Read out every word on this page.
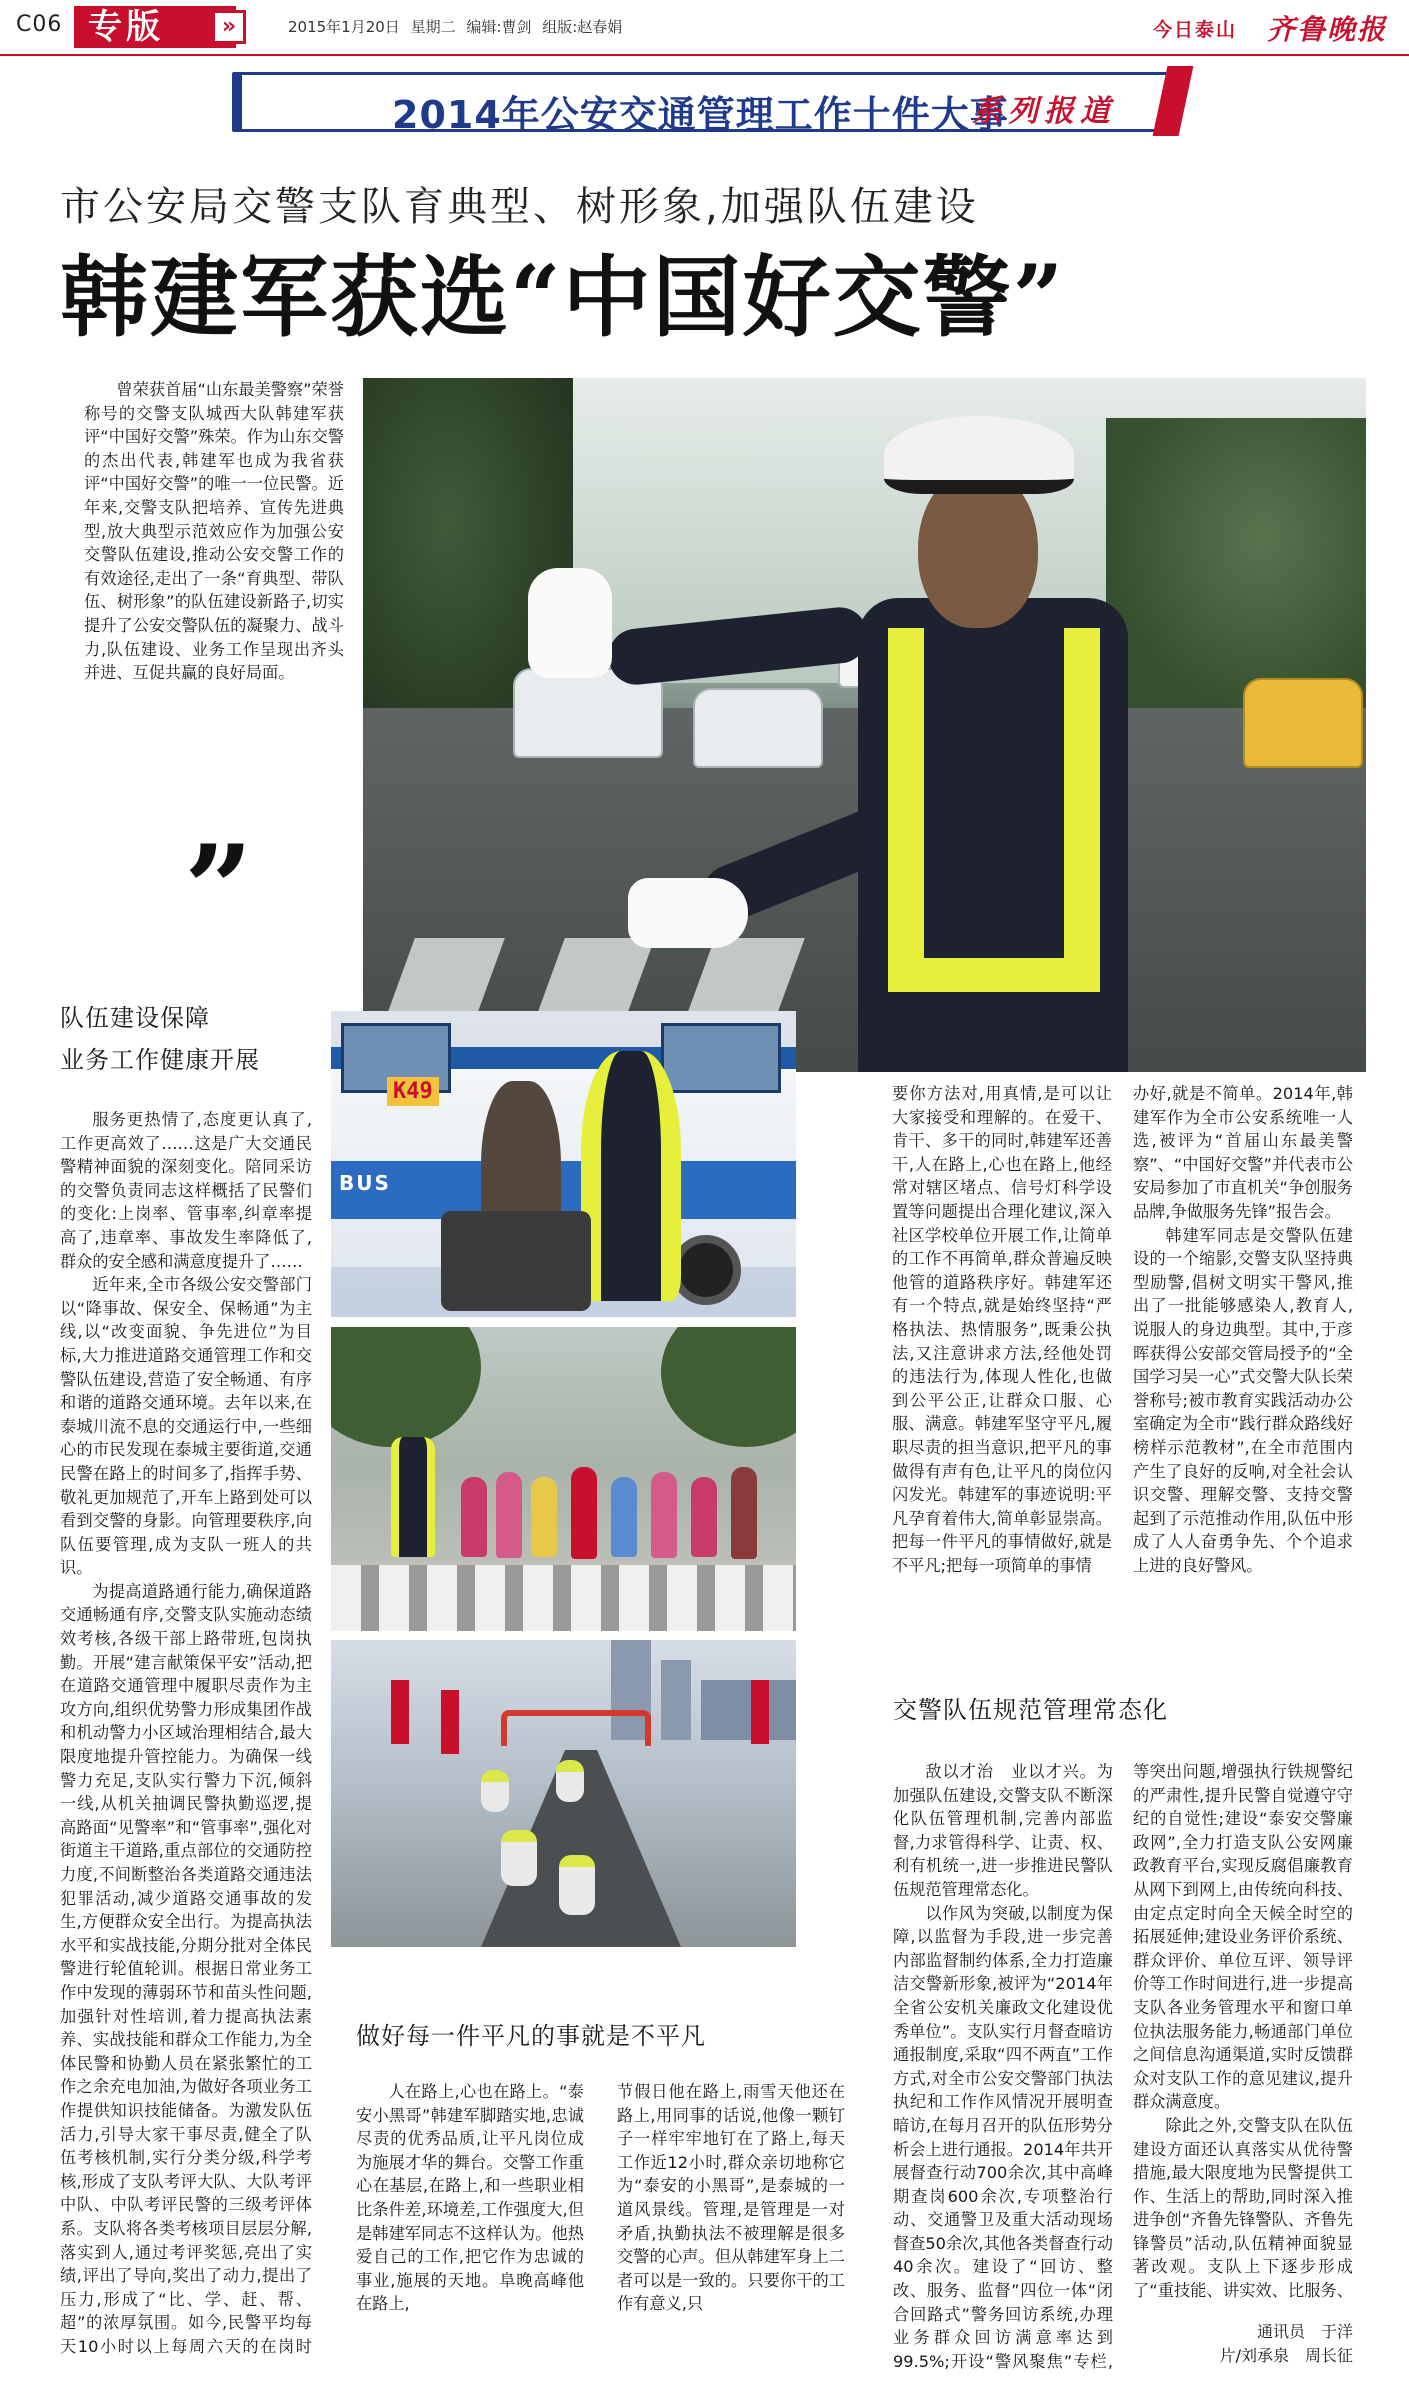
C06 专版	»	2015年1月20日 星期二 编辑:曹剑 组版:赵春娟	今日泰山 齐鲁晚报
2014年公安交通管理工作十件大事
系列报道
市公安局交警支队育典型、树形象,加强队伍建设
韩建军获选“中国好交警”

曾荣获首届“山东最美警察”荣誉称号的交警支队城西大队韩建军获评“中国好交警”殊荣。作为山东交警的杰出代表,韩建军也成为我省获评“中国好交警”的唯一一位民警。近年来,交警支队把培养、宣传先进典型,放大典型示范效应作为加强公安交警队伍建设,推动公安交警工作的有效途径,走出了一条“育典型、带队伍、树形象”的队伍建设新路子,切实提升了公安交警队伍的凝聚力、战斗力,队伍建设、业务工作呈现出齐头并进、互促共赢的良好局面。

”
队伍建设保障
业务工作健康开展

服务更热情了,态度更认真了,工作更高效了……这是广大交通民警精神面貌的深刻变化。陪同采访的交警负责同志这样概括了民警们的变化:上岗率、管事率,纠章率提高了,违章率、事故发生率降低了,群众的安全感和满意度提升了……

近年来,全市各级公安交警部门以“降事故、保安全、保畅通”为主线,以“改变面貌、争先进位”为目标,大力推进道路交通管理工作和交警队伍建设,营造了安全畅通、有序和谐的道路交通环境。去年以来,在泰城川流不息的交通运行中,一些细心的市民发现在泰城主要街道,交通民警在路上的时间多了,指挥手势、敬礼更加规范了,开车上路到处可以看到交警的身影。向管理要秩序,向队伍要管理,成为支队一班人的共识。

为提高道路通行能力,确保道路交通畅通有序,交警支队实施动态绩效考核,各级干部上路带班,包岗执勤。开展“建言献策保平安”活动,把在道路交通管理中履职尽责作为主攻方向,组织优势警力形成集团作战和机动警力小区域治理相结合,最大限度地提升管控能力。为确保一线警力充足,支队实行警力下沉,倾斜一线,从机关抽调民警执勤巡逻,提高路面“见警率”和“管事率”,强化对街道主干道路,重点部位的交通防控力度,不间断整治各类道路交通违法犯罪活动,减少道路交通事故的发生,方便群众安全出行。为提高执法水平和实战技能,分期分批对全体民警进行轮值轮训。根据日常业务工作中发现的薄弱环节和苗头性问题,加强针对性培训,着力提高执法素养、实战技能和群众工作能力,为全体民警和协勤人员在紧张繁忙的工作之余充电加油,为做好各项业务工作提供知识技能储备。为激发队伍活力,引导大家干事尽责,健全了队伍考核机制,实行分类分级,科学考核,形成了支队考评大队、大队考评中队、中队考评民警的三级考评体系。支队将各类考核项目层层分解,落实到人,通过考评奖惩,亮出了实绩,评出了导向,奖出了动力,提出了压力,形成了“比、学、赶、帮、超”的浓厚氛围。如今,民警平均每天10小时以上每周六天的在岗时

K49
BUS
做好每一件平凡的事就是不平凡

人在路上,心也在路上。“泰安小黑哥”韩建军脚踏实地,忠诚尽责的优秀品质,让平凡岗位成为施展才华的舞台。交警工作重心在基层,在路上,和一些职业相比条件差,环境差,工作强度大,但是韩建军同志不这样认为。他热爱自己的工作,把它作为忠诚的事业,施展的天地。阜晚高峰他在路上,

节假日他在路上,雨雪天他还在路上,用同事的话说,他像一颗钉子一样牢牢地钉在了路上,每天工作近12小时,群众亲切地称它为“泰安的小黑哥”,是泰城的一道风景线。管理,是管理是一对矛盾,执勤执法不被理解是很多交警的心声。但从韩建军身上二者可以是一致的。只要你干的工作有意义,只

要你方法对,用真情,是可以让大家接受和理解的。在爱干、肯干、多干的同时,韩建军还善干,人在路上,心也在路上,他经常对辖区堵点、信号灯科学设置等问题提出合理化建议,深入社区学校单位开展工作,让简单的工作不再简单,群众普遍反映他管的道路秩序好。韩建军还有一个特点,就是始终坚持“严格执法、热情服务”,既秉公执法,又注意讲求方法,经他处罚的违法行为,体现人性化,也做到公平公正,让群众口服、心服、满意。韩建军坚守平凡,履职尽责的担当意识,把平凡的事做得有声有色,让平凡的岗位闪闪发光。韩建军的事迹说明:平凡孕育着伟大,简单彰显崇高。把每一件平凡的事情做好,就是不平凡;把每一项简单的事情

办好,就是不简单。2014年,韩建军作为全市公安系统唯一人选,被评为“首届山东最美警察”、“中国好交警”并代表市公安局参加了市直机关“争创服务品牌,争做服务先锋”报告会。

韩建军同志是交警队伍建设的一个缩影,交警支队坚持典型励警,倡树文明实干警风,推出了一批能够感染人,教育人,说服人的身边典型。其中,于彦晖获得公安部交管局授予的“全国学习吴一心”式交警大队长荣誉称号;被市教育实践活动办公室确定为全市“践行群众路线好榜样示范教材”,在全市范围内产生了良好的反响,对全社会认识交警、理解交警、支持交警起到了示范推动作用,队伍中形成了人人奋勇争先、个个追求上进的良好警风。

交警队伍规范管理常态化

敌以才治　业以才兴。为加强队伍建设,交警支队不断深化队伍管理机制,完善内部监督,力求管得科学、让责、权、利有机统一,进一步推进民警队伍规范管理常态化。

以作风为突破,以制度为保障,以监督为手段,进一步完善内部监督制约体系,全力打造廉洁交警新形象,被评为“2014年全省公安机关廉政文化建设优秀单位”。支队实行月督查暗访通报制度,采取“四不两直”工作方式,对全市公安交警部门执法执纪和工作作风情况开展明查暗访,在每月召开的队伍形势分析会上进行通报。2014年共开展督查行动700余次,其中高峰期查岗600余次,专项整治行动、交通警卫及重大活动现场督查50余次,其他各类督查行动40余次。建设了“回访、整改、服务、监督”四位一体“闭合回路式”警务回访系统,办理业务群众回访满意率达到99.5%;开设“警风聚焦”专栏,

等突出问题,增强执行铁规警纪的严肃性,提升民警自觉遵守守纪的自觉性;建设“泰安交警廉政网”,全力打造支队公安网廉政教育平台,实现反腐倡廉教育从网下到网上,由传统向科技、由定点定时向全天候全时空的拓展延伸;建设业务评价系统、群众评价、单位互评、领导评价等工作时间进行,进一步提高支队各业务管理水平和窗口单位执法服务能力,畅通部门单位之间信息沟通渠道,实时反馈群众对支队工作的意见建议,提升群众满意度。

除此之外,交警支队在队伍建设方面还认真落实从优待警措施,最大限度地为民警提供工作、生活上的帮助,同时深入推进争创“齐鲁先锋警队、齐鲁先锋警员”活动,队伍精神面貌显著改观。支队上下逐步形成了“重技能、讲实效、比服务、

通讯员　于洋
片/刘承泉　周长征
